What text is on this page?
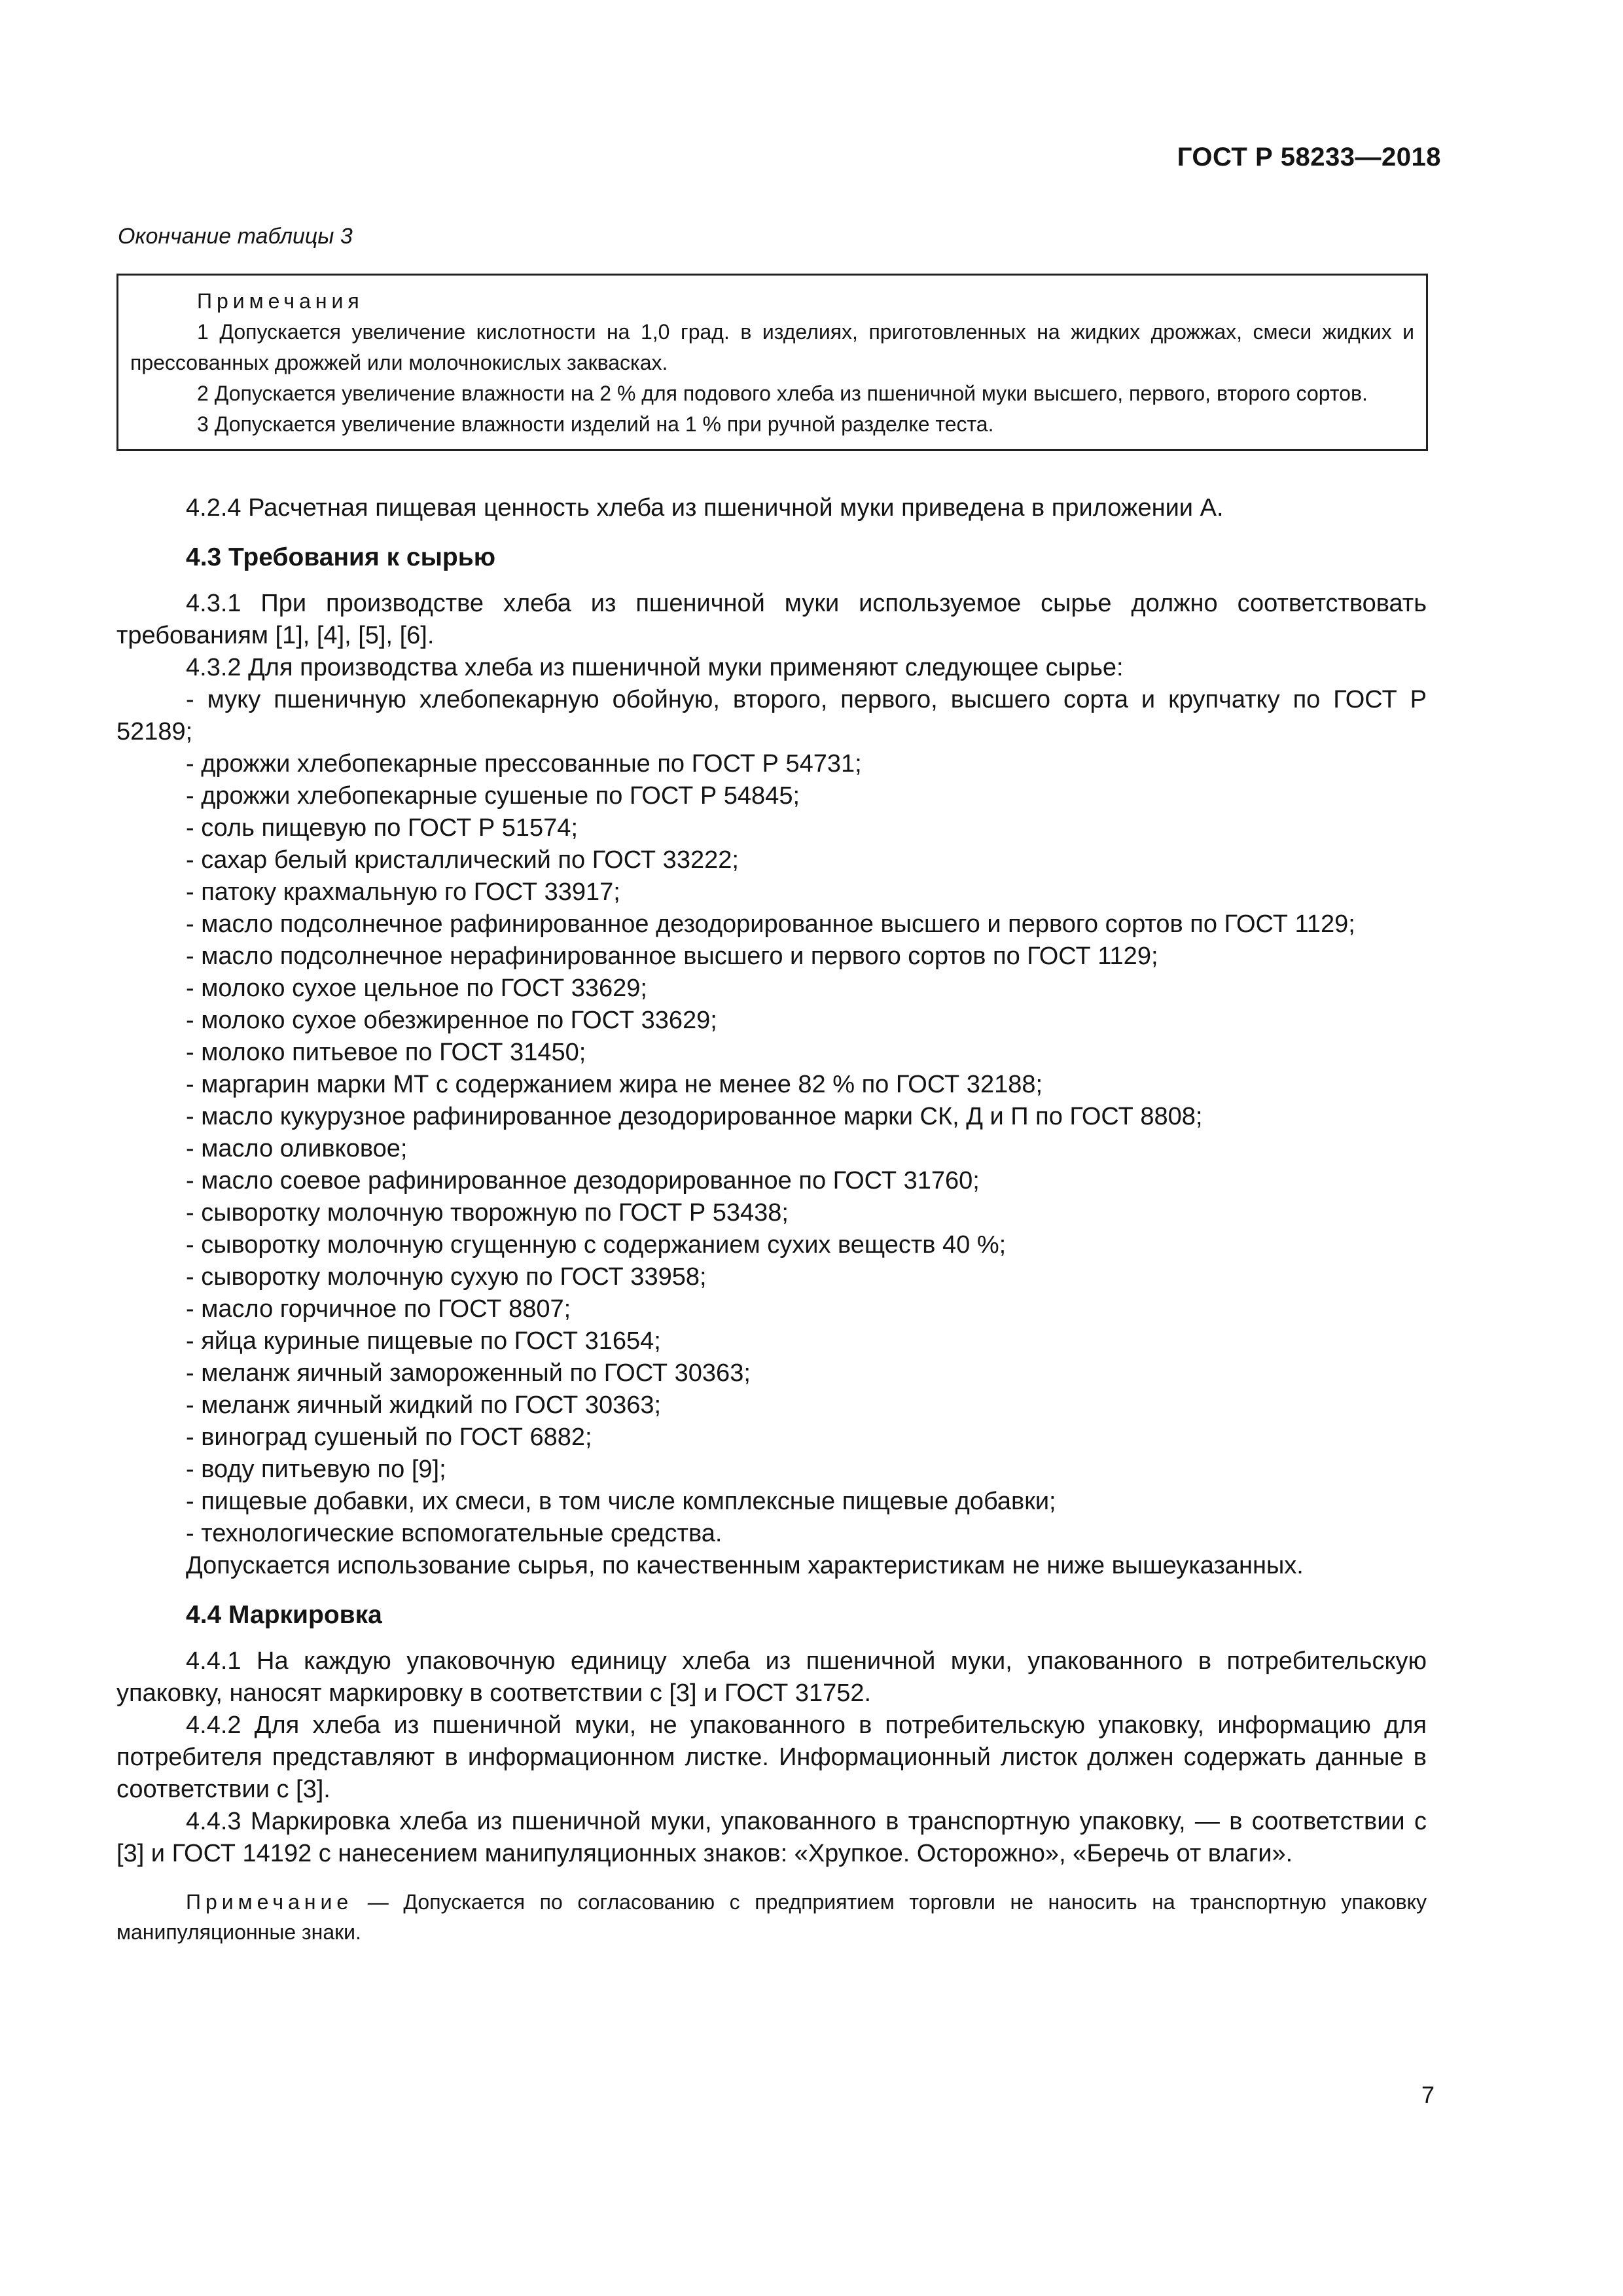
ГОСТ Р 58233—2018
Окончание таблицы 3
Примечания
1 Допускается увеличение кислотности на 1,0 град. в изделиях, приготовленных на жидких дрожжах, смеси жидких и прессованных дрожжей или молочнокислых заквасках.
2 Допускается увеличение влажности на 2 % для подового хлеба из пшеничной муки высшего, первого, второго сортов.
3 Допускается увеличение влажности изделий на 1 % при ручной разделке теста.

4.2.4 Расчетная пищевая ценность хлеба из пшеничной муки приведена в приложении А.

4.3 Требования к сырью

4.3.1 При производстве хлеба из пшеничной муки используемое сырье должно соответствовать требованиям [1], [4], [5], [6].

4.3.2 Для производства хлеба из пшеничной муки применяют следующее сырье:

- муку пшеничную хлебопекарную обойную, второго, первого, высшего сорта и крупчатку по ГОСТ Р 52189;
- дрожжи хлебопекарные прессованные по ГОСТ Р 54731;
- дрожжи хлебопекарные сушеные по ГОСТ Р 54845;
- соль пищевую по ГОСТ Р 51574;
- сахар белый кристаллический по ГОСТ 33222;
- патоку крахмальную го ГОСТ 33917;
- масло подсолнечное рафинированное дезодорированное высшего и первого сортов по ГОСТ 1129;
- масло подсолнечное нерафинированное высшего и первого сортов по ГОСТ 1129;
- молоко сухое цельное по ГОСТ 33629;
- молоко сухое обезжиренное по ГОСТ 33629;
- молоко питьевое по ГОСТ 31450;
- маргарин марки МТ с содержанием жира не менее 82 % по ГОСТ 32188;
- масло кукурузное рафинированное дезодорированное марки СК, Д и П по ГОСТ 8808;
- масло оливковое;
- масло соевое рафинированное дезодорированное по ГОСТ 31760;
- сыворотку молочную творожную по ГОСТ Р 53438;
- сыворотку молочную сгущенную с содержанием сухих веществ 40 %;
- сыворотку молочную сухую по ГОСТ 33958;
- масло горчичное по ГОСТ 8807;
- яйца куриные пищевые по ГОСТ 31654;
- меланж яичный замороженный по ГОСТ 30363;
- меланж яичный жидкий по ГОСТ 30363;
- виноград сушеный по ГОСТ 6882;
- воду питьевую по [9];
- пищевые добавки, их смеси, в том числе комплексные пищевые добавки;
- технологические вспомогательные средства.

Допускается использование сырья, по качественным характеристикам не ниже вышеуказанных.

4.4 Маркировка

4.4.1 На каждую упаковочную единицу хлеба из пшеничной муки, упакованного в потребительскую упаковку, наносят маркировку в соответствии с [3] и ГОСТ 31752.

4.4.2 Для хлеба из пшеничной муки, не упакованного в потребительскую упаковку, информацию для потребителя представляют в информационном листке. Информационный листок должен содержать данные в соответствии с [3].

4.4.3 Маркировка хлеба из пшеничной муки, упакованного в транспортную упаковку, — в соответствии с [3] и ГОСТ 14192 с нанесением манипуляционных знаков: «Хрупкое. Осторожно», «Беречь от влаги».

Примечание — Допускается по согласованию с предприятием торговли не наносить на транспортную упаковку манипуляционные знаки.
7
